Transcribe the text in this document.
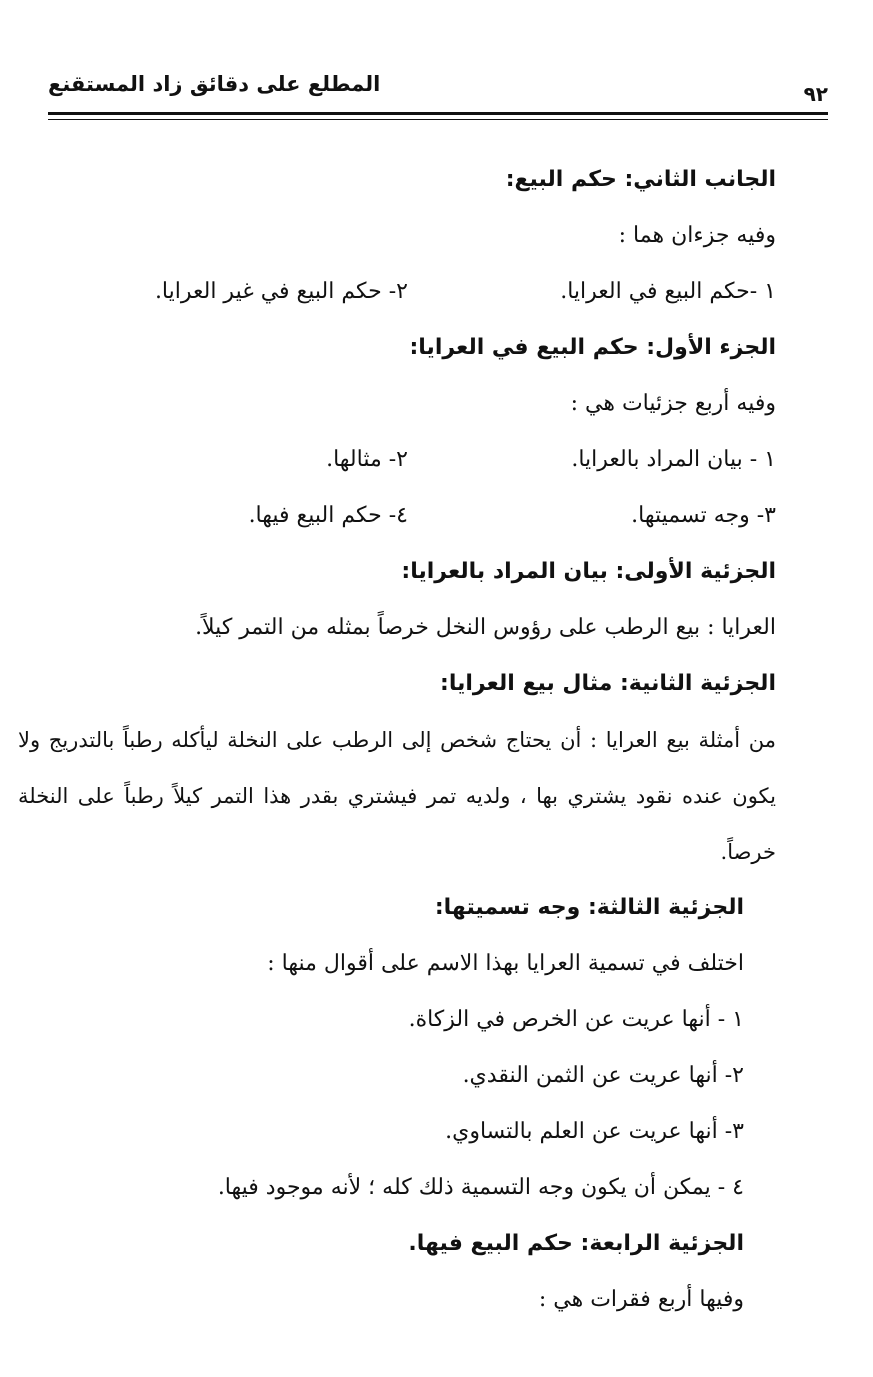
المطلع على دقائق زاد المستقنع	٩٢
الجانب الثاني: حكم البيع:
وفيه جزءان هما :
١ -حكم البيع في العرايا.
٢- حكم البيع في غير العرايا.
الجزء الأول: حكم البيع في العرايا:
وفيه أربع جزئيات هي :
١ - بيان المراد بالعرايا.
٢- مثالها.
٣- وجه تسميتها.
٤- حكم البيع فيها.
الجزئية الأولى: بيان المراد بالعرايا:
العرايا : بيع الرطب على رؤوس النخل خرصاً بمثله من التمر كيلاً.
الجزئية الثانية: مثال بيع العرايا:
من أمثلة بيع العرايا : أن يحتاج شخص إلى الرطب على النخلة ليأكله رطباً بالتدريج ولا يكون عنده نقود يشتري بها ، ولديه تمر فيشتري بقدر هذا التمر كيلاً رطباً على النخلة خرصاً.
الجزئية الثالثة: وجه تسميتها:
اختلف في تسمية العرايا بهذا الاسم على أقوال منها :
١ - أنها عريت عن الخرص في الزكاة.
٢- أنها عريت عن الثمن النقدي.
٣- أنها عريت عن العلم بالتساوي.
٤ - يمكن أن يكون وجه التسمية ذلك كله ؛ لأنه موجود فيها.
الجزئية الرابعة: حكم البيع فيها.
وفيها أربع فقرات هي :
